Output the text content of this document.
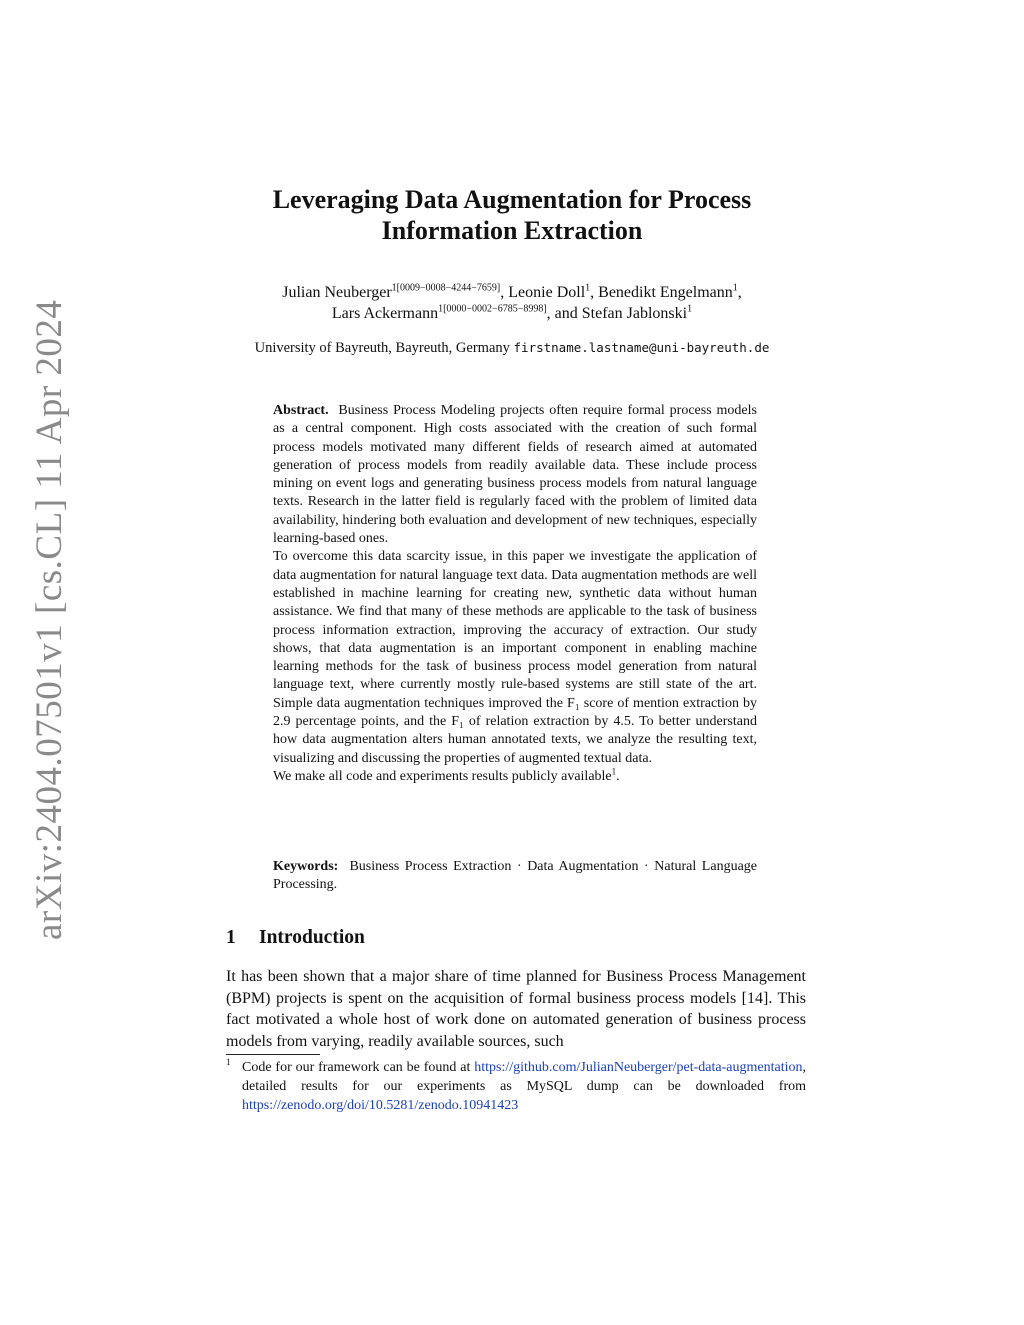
arXiv:2404.07501v1 [cs.CL] 11 Apr 2024
Leveraging Data Augmentation for Process
Information Extraction
Julian Neuberger$^{1[0009-0008-4244-7659]}$, Leonie Doll$^1$, Benedikt Engelmann$^1$,
Lars Ackermann$^{1[0000-0002-6785-8998]}$, and Stefan Jablonski$^1$
University of Bayreuth, Bayreuth, Germany firstname.lastname@uni-bayreuth.de

Abstract. Business Process Modeling projects often require formal process models as a central component. High costs associated with the creation of such formal process models motivated many different fields of research aimed at automated generation of process models from readily available data. These include process mining on event logs and generating business process models from natural language texts. Research in the latter field is regularly faced with the problem of limited data availability, hindering both evaluation and development of new techniques, especially learning-based ones.

To overcome this data scarcity issue, in this paper we investigate the application of data augmentation for natural language text data. Data augmentation methods are well established in machine learning for creating new, synthetic data without human assistance. We find that many of these methods are applicable to the task of business process information extraction, improving the accuracy of extraction. Our study shows, that data augmentation is an important component in enabling machine learning methods for the task of business process model generation from natural language text, where currently mostly rule-based systems are still state of the art. Simple data augmentation techniques improved the F₁ score of mention extraction by 2.9 percentage points, and the F₁ of relation extraction by 4.5. To better understand how data augmentation alters human annotated texts, we analyze the resulting text, visualizing and discussing the properties of augmented textual data.

We make all code and experiments results publicly available$^1$.

Keywords: Business Process Extraction · Data Augmentation · Natural Language Processing.
1 Introduction

It has been shown that a major share of time planned for Business Process Management (BPM) projects is spent on the acquisition of formal business process models [14]. This fact motivated a whole host of work done on automated generation of business process models from varying, readily available sources, such

$^1$ Code for our framework can be found at https://github.com/JulianNeuberger/pet-data-augmentation, detailed results for our experiments as MySQL dump can be downloaded from https://zenodo.org/doi/10.5281/zenodo.10941423
